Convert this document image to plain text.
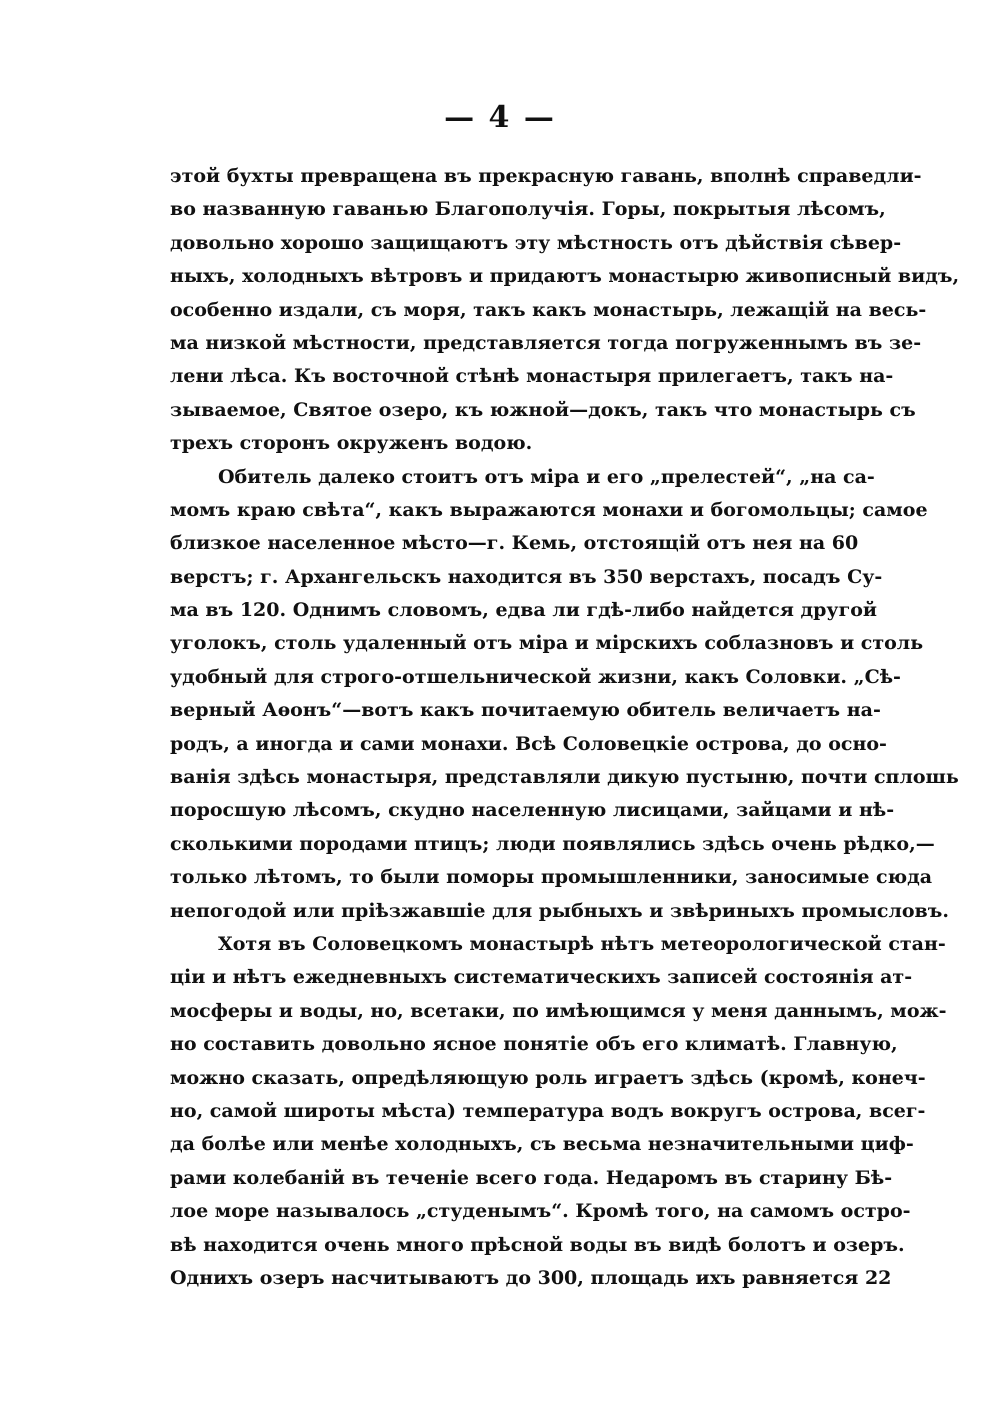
— 4 —
этой бухты превращена въ прекрасную гавань, вполнѣ справедли-
во названную гаванью Благополучія. Горы, покрытыя лѣсомъ,
довольно хорошо защищаютъ эту мѣстность отъ дѣйствія сѣвер-
ныхъ, холодныхъ вѣтровъ и придаютъ монастырю живописный видъ,
особенно издали, съ моря, такъ какъ монастырь, лежащій на весь-
ма низкой мѣстности, представляется тогда погруженнымъ въ зе-
лени лѣса. Къ восточной стѣнѣ монастыря прилегаетъ, такъ на-
зываемое, Святое озеро, къ южной—докъ, такъ что монастырь съ
трехъ сторонъ окруженъ водою.
Обитель далеко стоитъ отъ міра и его „прелестей“, „на са-
момъ краю свѣта“, какъ выражаются монахи и богомольцы; самое
близкое населенное мѣсто—г. Кемь, отстоящій отъ нея на 60
верстъ; г. Архангельскъ находится въ 350 верстахъ, посадъ Су-
ма въ 120. Однимъ словомъ, едва ли гдѣ-либо найдется другой
уголокъ, столь удаленный отъ міра и мірскихъ соблазновъ и столь
удобный для строго-отшельнической жизни, какъ Соловки. „Сѣ-
верный Аѳонъ“—вотъ какъ почитаемую обитель величаетъ на-
родъ, а иногда и сами монахи. Всѣ Соловецкіе острова, до осно-
ванія здѣсь монастыря, представляли дикую пустыню, почти сплошь
поросшую лѣсомъ, скудно населенную лисицами, зайцами и нѣ-
сколькими породами птицъ; люди появлялись здѣсь очень рѣдко,—
только лѣтомъ, то были поморы промышленники, заносимые сюда
непогодой или пріѣзжавшіе для рыбныхъ и звѣриныхъ промысловъ.
Хотя въ Соловецкомъ монастырѣ нѣтъ метеорологической стан-
ціи и нѣтъ ежедневныхъ систематическихъ записей состоянія ат-
мосферы и воды, но, всетаки, по имѣющимся у меня даннымъ, мож-
но составить довольно ясное понятіе объ его климатѣ. Главную,
можно сказать, опредѣляющую роль играетъ здѣсь (кромѣ, конеч-
но, самой широты мѣста) температура водъ вокругъ острова, всег-
да болѣе или менѣе холодныхъ, съ весьма незначительными циф-
рами колебаній въ теченіе всего года. Недаромъ въ старину Бѣ-
лое море называлось „студенымъ“. Кромѣ того, на самомъ остро-
вѣ находится очень много прѣсной воды въ видѣ болотъ и озеръ.
Однихъ озеръ насчитываютъ до 300, площадь ихъ равняется 22
